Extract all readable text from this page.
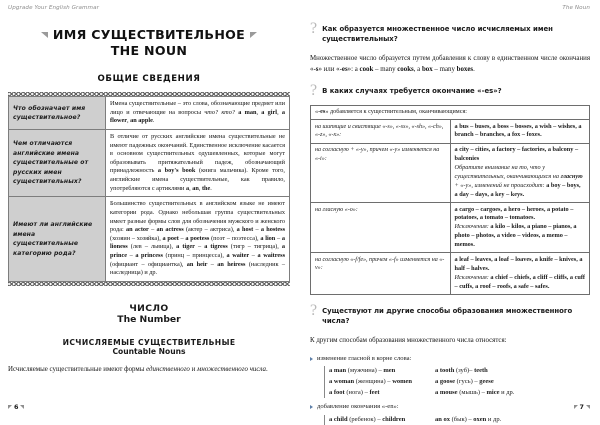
Upgrade Your English Grammar
ИМЯ СУЩЕСТВИТЕЛЬНОЕ
THE NOUN
ОБЩИЕ СВЕДЕНИЯ
Что обозначает имя существительное?	Имена существительные – это слова, обозначающие предмет или лицо и отвечающие на вопросы что? кто? a man, a girl, a flower, an apple.
Чем отличаются английские имена существительные от русских имен существительных?	В отличие от русских английские имена существительные не имеют падежных окончаний. Единственное исключение касается в основном существительных одушевленных, которые могут образовывать притяжательный падеж, обозначающий принадлежность a boy's book (книга мальчика). Кроме того, английские имена существительные, как правило, употребляются с артиклями a, an, the.
Имеют ли английские имена существительные категорию рода?	Большинство существительных в английском языке не имеют категории рода. Однако небольшая группа существительных имеет разные формы слов для обозначения мужского и женского рода: an actor – an actress (актер – актриса), a host – a hostess (хозяин – хозяйка), a poet – a poetess (поэт – поэтесса), a lion – a lioness (лев – львица), a tiger – a tigress (тигр – тигрица), a prince – a princess (принц – принцесса), a waiter – a waitress (официант – официантка), an heir – an heiress (наследник – наследница) и др.
ЧИСЛО
The Number
ИСЧИСЛЯЕМЫЕ СУЩЕСТВИТЕЛЬНЫЕ
Countable Nouns
Исчисляемые существительные имеют формы единственного и множественного числа.
6
The Noun
? Как образуется множественное число исчисляемых имен существительных?
Множественное число образуется путем добавления к слову в единственном числе окончания «-s» или «-es»: a cook – many cooks, a box – many boxes.
? В каких случаях требуется окончание «-es»?
«-es» добавляется к существительным, оканчивающимся:	
на шипящие и свистящие «-s», «-ss», «-sh», «-ch», «-z», «-x»:	a bus – buses, a boss – bosses, a wish – wishes, a branch – branches, a fox – foxes.
на согласную + «-y», причем «-y» изменяется на «-i»:	a city – cities, a factory – factories, a balcony – balconies
Обратите внимание на то, что у существительных, оканчивающихся на гласную + «-y», изменений не происходит: a boy – boys, a day – days, a key – keys.
на гласную «-o»:	a cargo – cargoes, a hero – heroes, a potato – potatoes, a tomato – tomatoes.
Исключения: a kilo – kilos, a piano – pianos, a photo – photos, a video – videos, a memo – memos.
на согласную «-f/fe», причем «-f» изменяется на «-v»:	a leaf – leaves, a loaf – loaves, a knife – knives, a half – halves.
Исключения: a chief – chiefs, a cliff – cliffs, a cuff – cuffs, a roof – roofs, a safe – safes.
? Существуют ли другие способы образования множественного числа?
К другим способам образования множественного числа относятся:
изменение гласной в корне слова:
a man (мужчина) – men
a woman (женщина) – women
a foot (нога) – feet
a tooth (зуб)– teeth
a goose (гусь) – geese
a mouse (мышь) – mice и др.
добавление окончания «-en»:
a child (ребенок) – children	an ox (бык) – oxen и др.
7
